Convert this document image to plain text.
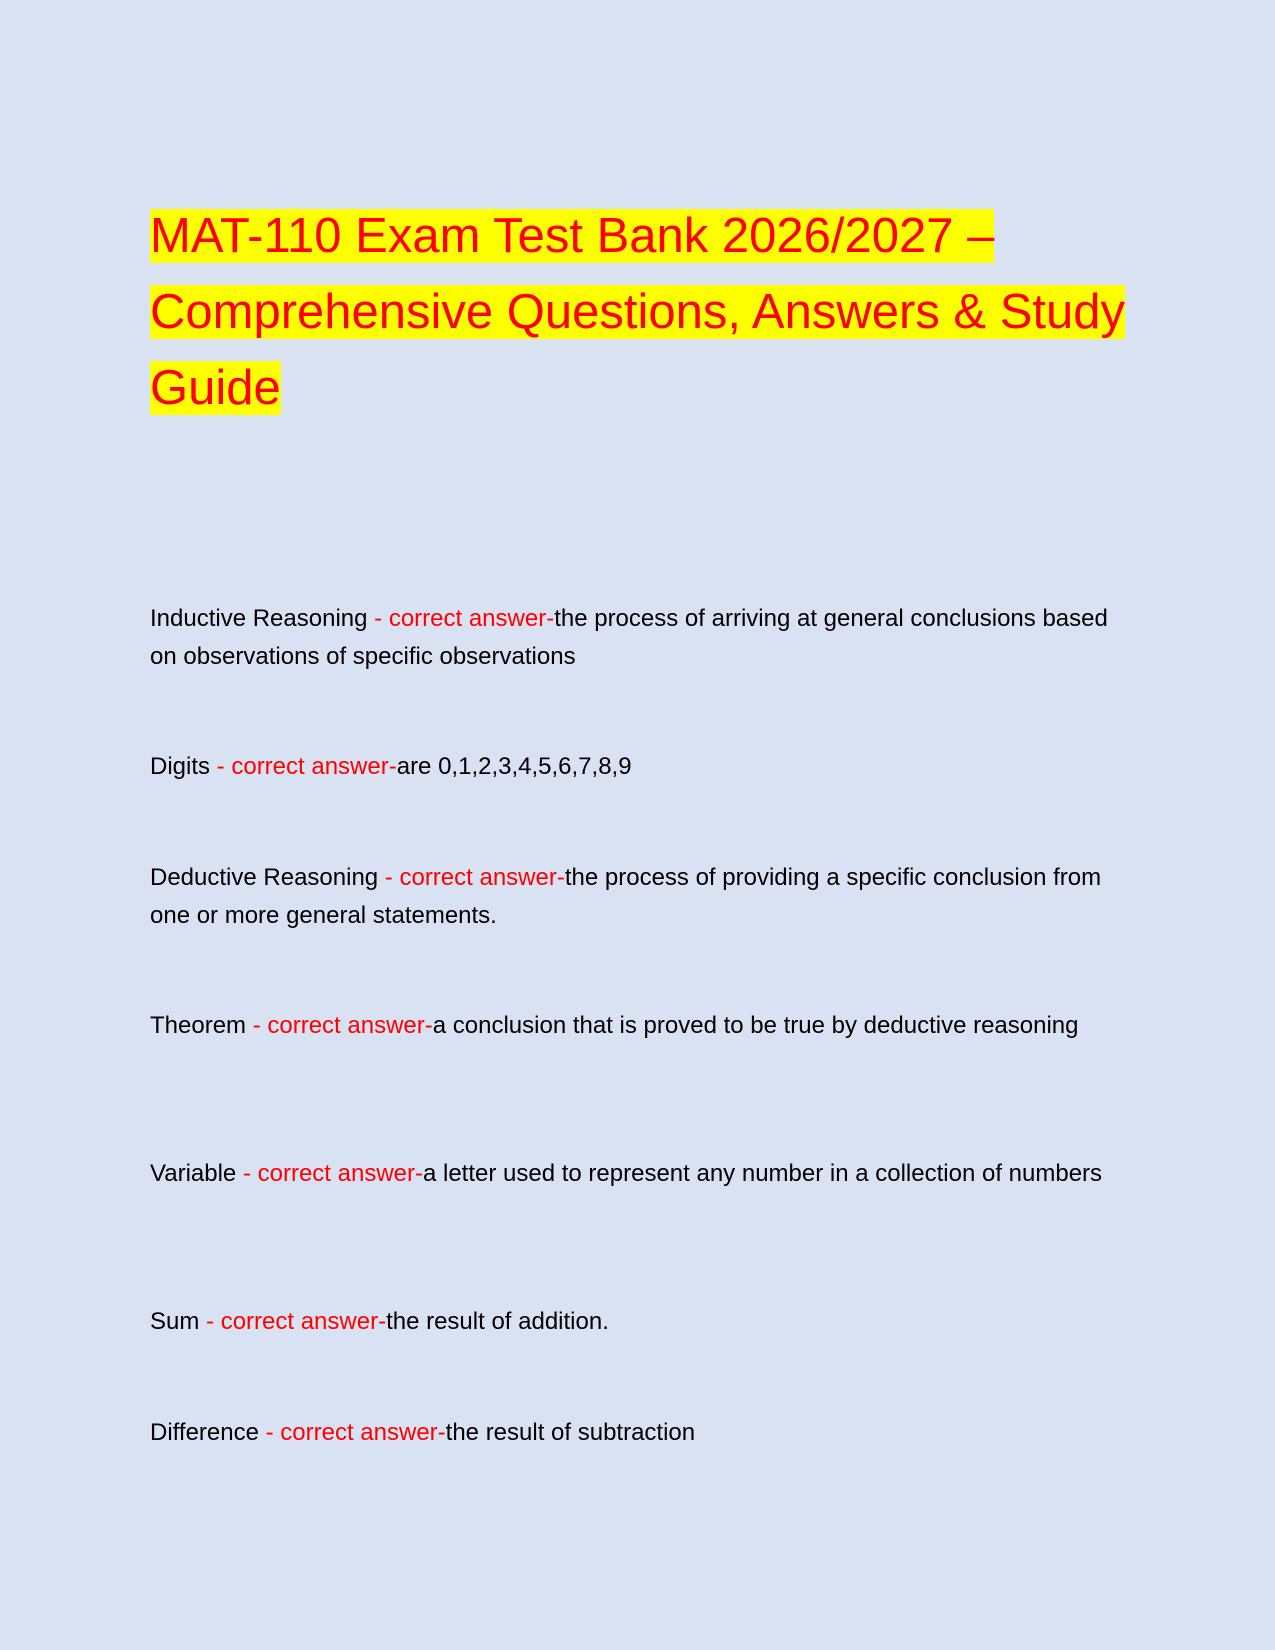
MAT-110 Exam Test Bank 2026/2027 – Comprehensive Questions, Answers & Study Guide

Inductive Reasoning - correct answer-the process of arriving at general conclusions based on observations of specific observations

Digits - correct answer-are 0,1,2,3,4,5,6,7,8,9

Deductive Reasoning - correct answer-the process of providing a specific conclusion from one or more general statements.

Theorem - correct answer-a conclusion that is proved to be true by deductive reasoning

Variable - correct answer-a letter used to represent any number in a collection of numbers

Sum - correct answer-the result of addition.

Difference - correct answer-the result of subtraction
